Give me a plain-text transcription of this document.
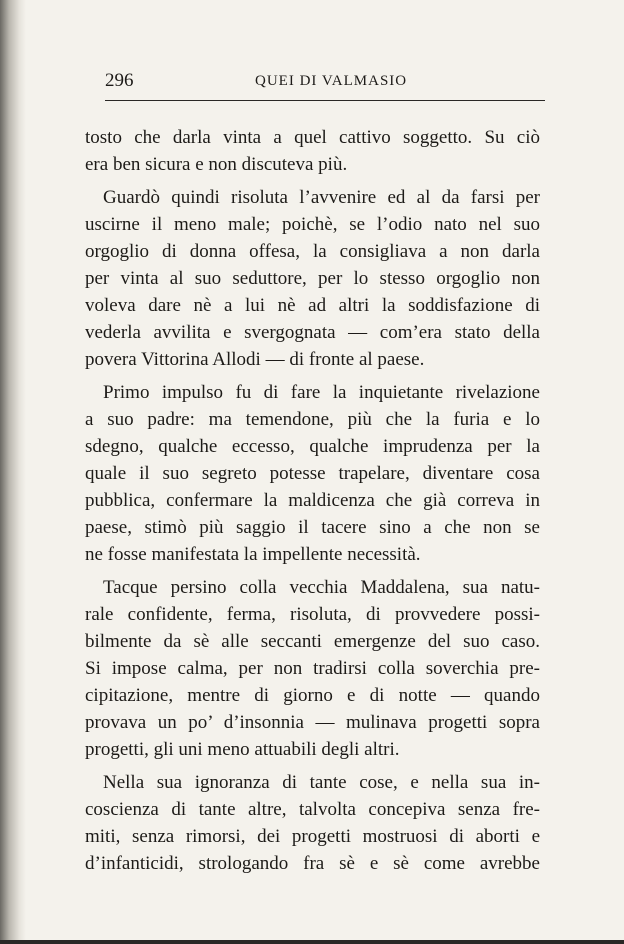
296	QUEI DI VALMASIO
tosto che darla vinta a quel cattivo soggetto. Su ciò
era ben sicura e non discuteva più.
Guardò quindi risoluta l’avvenire ed al da farsi per
uscirne il meno male; poichè, se l’odio nato nel suo
orgoglio di donna offesa, la consigliava a non darla
per vinta al suo seduttore, per lo stesso orgoglio non
voleva dare nè a lui nè ad altri la soddisfazione di
vederla avvilita e svergognata — com’era stato della
povera Vittorina Allodi — di fronte al paese.
Primo impulso fu di fare la inquietante rivelazione
a suo padre: ma temendone, più che la furia e lo
sdegno, qualche eccesso, qualche imprudenza per la
quale il suo segreto potesse trapelare, diventare cosa
pubblica, confermare la maldicenza che già correva in
paese, stimò più saggio il tacere sino a che non se
ne fosse manifestata la impellente necessità.
Tacque persino colla vecchia Maddalena, sua natu-
rale confidente, ferma, risoluta, di provvedere possi-
bilmente da sè alle seccanti emergenze del suo caso.
Si impose calma, per non tradirsi colla soverchia pre-
cipitazione, mentre di giorno e di notte — quando
provava un po’ d’insonnia — mulinava progetti sopra
progetti, gli uni meno attuabili degli altri.
Nella sua ignoranza di tante cose, e nella sua in-
coscienza di tante altre, talvolta concepiva senza fre-
miti, senza rimorsi, dei progetti mostruosi di aborti e
d’infanticidi, strologando fra sè e sè come avrebbe
